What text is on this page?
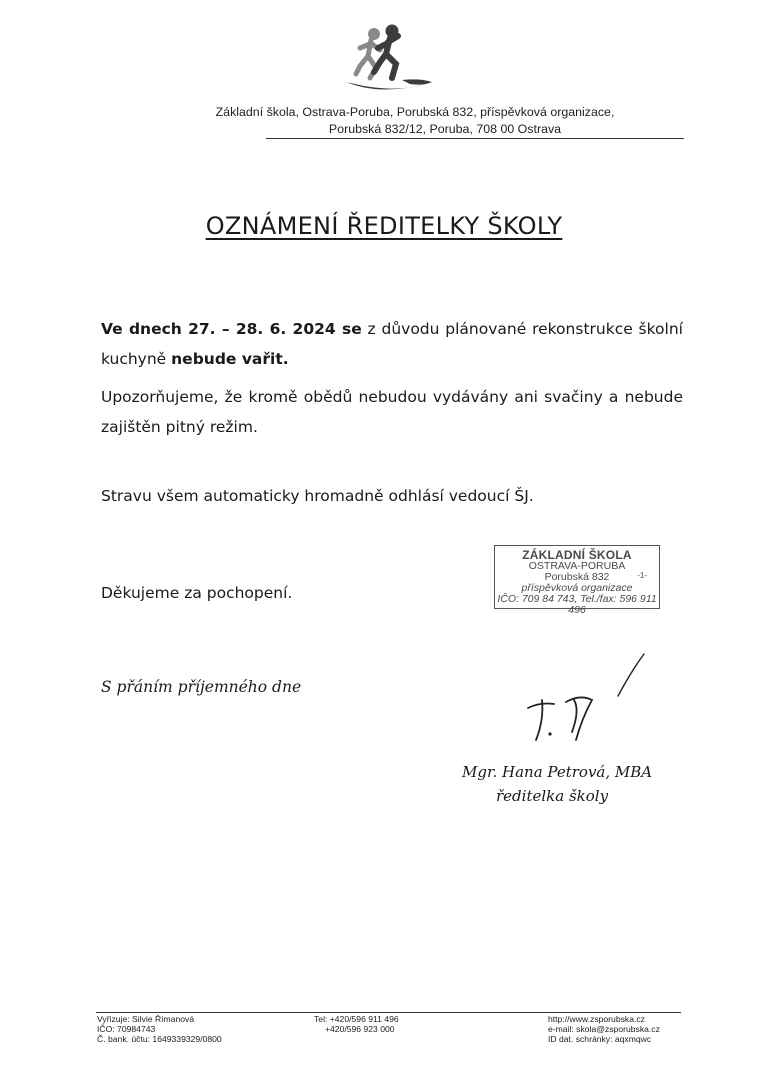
Základní škola, Ostrava-Poruba, Porubská 832, příspěvková organizace,
Porubská 832/12, Poruba, 708 00 Ostrava
OZNÁMENÍ ŘEDITELKY ŠKOLY
Ve dnech 27. – 28. 6. 2024 se z důvodu plánované rekonstrukce školní kuchyně nebude vařit.
Upozorňujeme, že kromě obědů nebudou vydávány ani svačiny a nebude zajištěn pitný režim.
Stravu všem automaticky hromadně odhlásí vedoucí ŠJ.
Děkujeme za pochopení.
ZÁKLADNÍ ŠKOLA
OSTRAVA-PORUBA
Porubská 832
příspěvková organizace
IČO: 709 84 743, Tel./fax: 596 911 496
-1-
S přáním příjemného dne
Mgr. Hana Petrová, MBA
ředitelka školy
Vyřizuje: Silvie Římanová
IČO: 70984743
Č. bank. účtu: 1649339329/0800
Tel: +420/596 911 496
+420/596 923 000
http://www.zsporubska.cz
e-mail: skola@zsporubska.cz
ID dat. schránky: aqxmqwc
